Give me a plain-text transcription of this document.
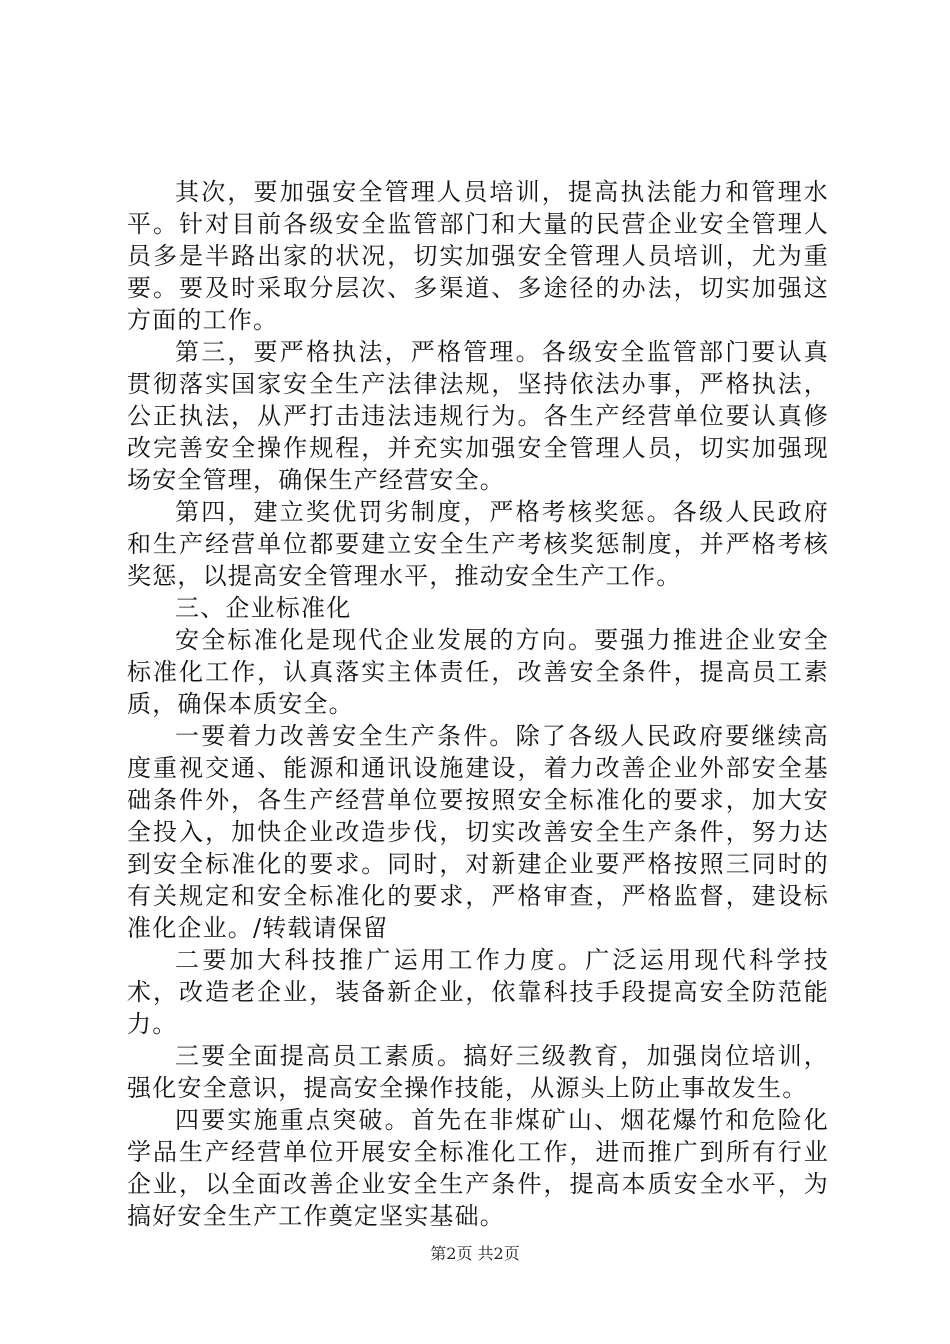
其次，要加强安全管理人员培训，提高执法能力和管理水平。针对目前各级安全监管部门和大量的民营企业安全管理人员多是半路出家的状况，切实加强安全管理人员培训，尤为重要。要及时采取分层次、多渠道、多途径的办法，切实加强这方面的工作。

第三，要严格执法，严格管理。各级安全监管部门要认真贯彻落实国家安全生产法律法规，坚持依法办事，严格执法，公正执法，从严打击违法违规行为。各生产经营单位要认真修改完善安全操作规程，并充实加强安全管理人员，切实加强现场安全管理，确保生产经营安全。

第四，建立奖优罚劣制度，严格考核奖惩。各级人民政府和生产经营单位都要建立安全生产考核奖惩制度，并严格考核奖惩，以提高安全管理水平，推动安全生产工作。

三、企业标准化

安全标准化是现代企业发展的方向。要强力推进企业安全标准化工作，认真落实主体责任，改善安全条件，提高员工素质，确保本质安全。

一要着力改善安全生产条件。除了各级人民政府要继续高度重视交通、能源和通讯设施建设，着力改善企业外部安全基础条件外，各生产经营单位要按照安全标准化的要求，加大安全投入，加快企业改造步伐，切实改善安全生产条件，努力达到安全标准化的要求。同时，对新建企业要严格按照三同时的有关规定和安全标准化的要求，严格审查，严格监督，建设标准化企业。/转载请保留

二要加大科技推广运用工作力度。广泛运用现代科学技术，改造老企业，装备新企业，依靠科技手段提高安全防范能力。

三要全面提高员工素质。搞好三级教育，加强岗位培训，强化安全意识，提高安全操作技能，从源头上防止事故发生。

四要实施重点突破。首先在非煤矿山、烟花爆竹和危险化学品生产经营单位开展安全标准化工作，进而推广到所有行业企业，以全面改善企业安全生产条件，提高本质安全水平，为搞好安全生产工作奠定坚实基础。

第2页 共2页
